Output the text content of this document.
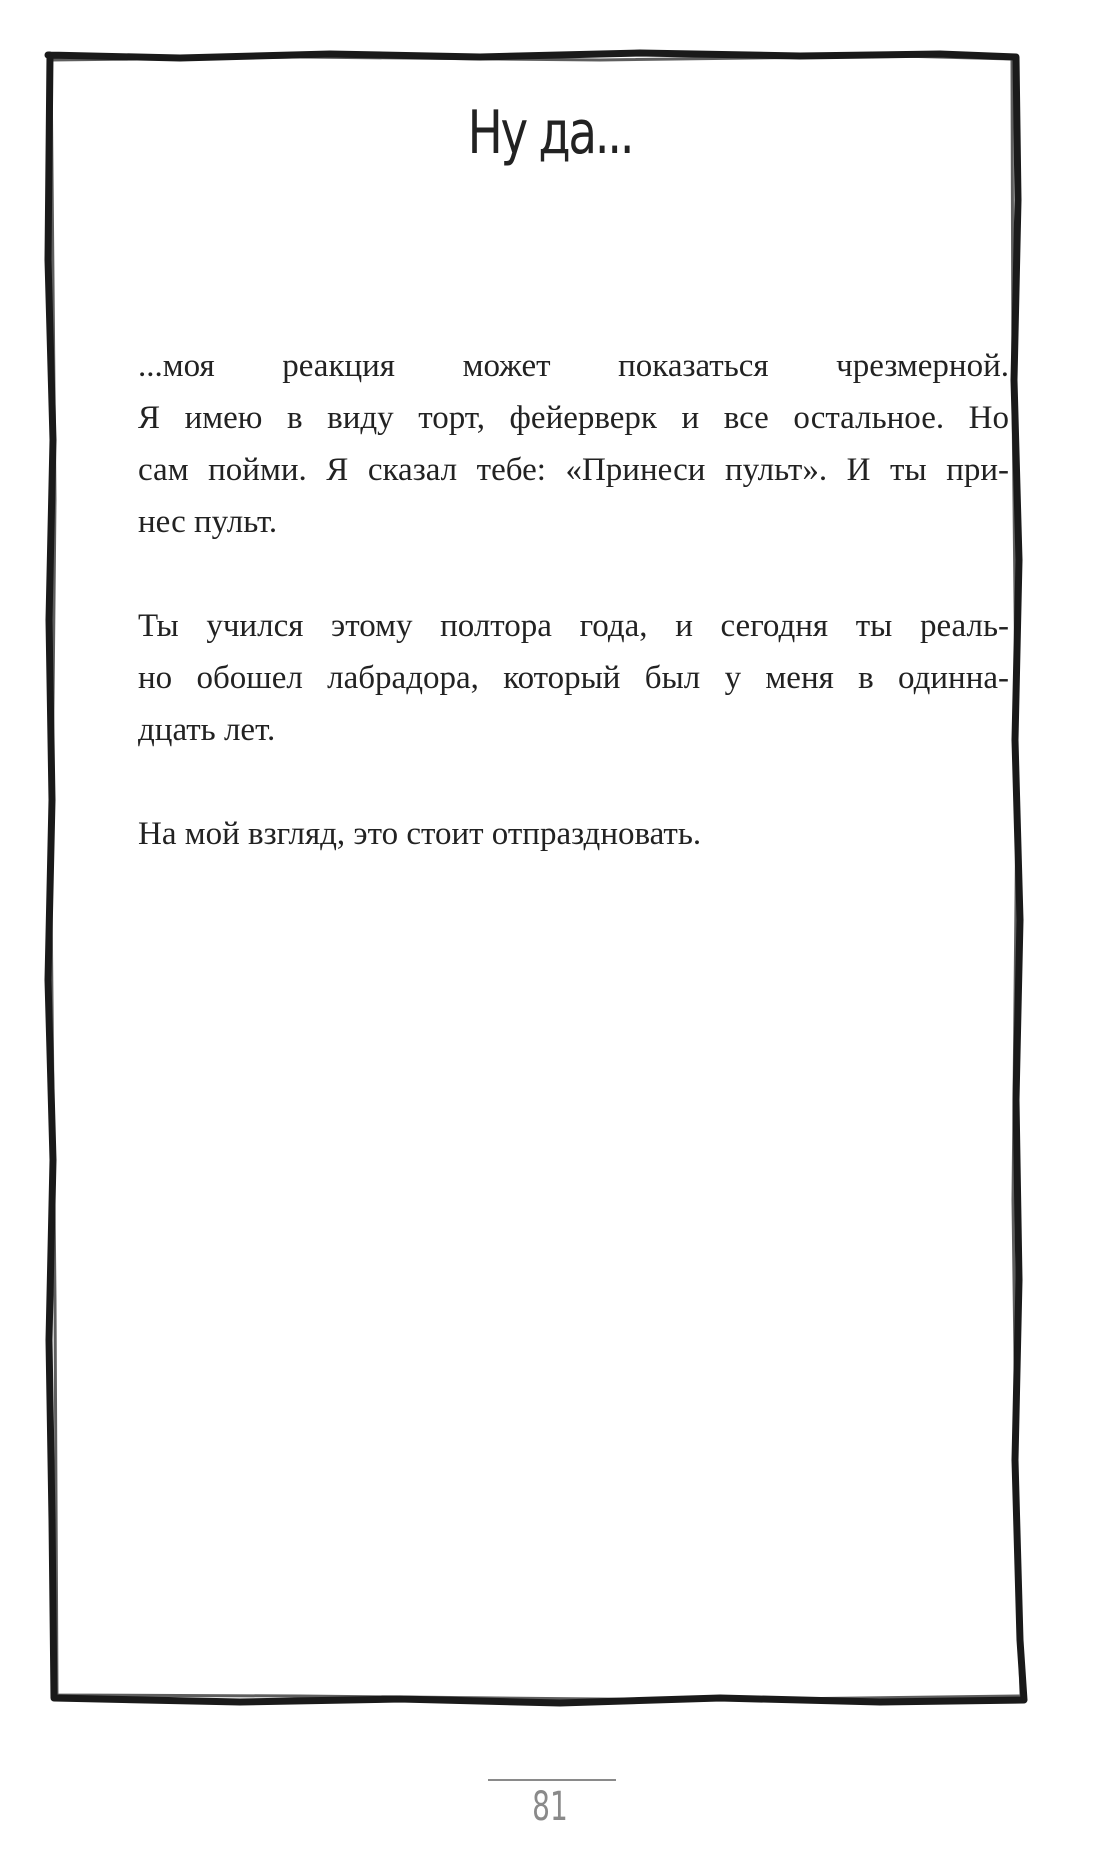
Ну да...

...моя реакция может показаться чрезмерной.
Я имею в виду торт, фейерверк и все остальное. Но
сам пойми. Я сказал тебе: «Принеси пульт». И ты при-
нес пульт.

Ты учился этому полтора года, и сегодня ты реаль-
но обошел лабрадора, который был у меня в одинна-
дцать лет.

На мой взгляд, это стоит отпраздновать.

81
